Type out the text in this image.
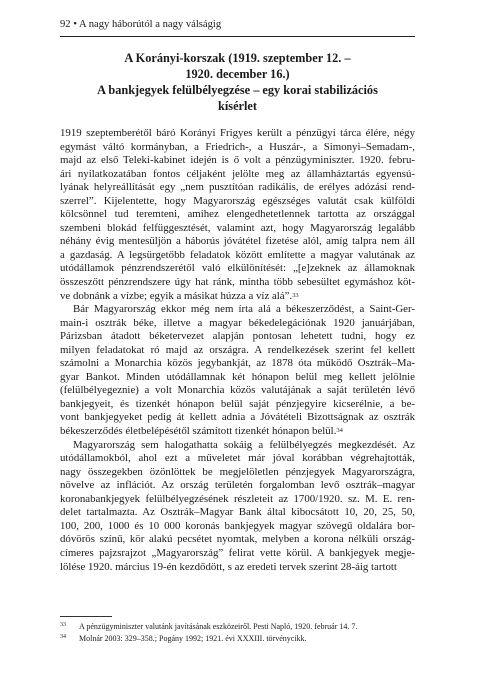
92 • A nagy háborútól a nagy válságig
A Korányi-korszak (1919. szeptember 12. –
1920. december 16.)
A bankjegyek felülbélyegzése – egy korai stabilizációs
kísérlet
1919 szeptemberétől báró Korányi Frigyes került a pénzügyi tárca élére, négy
egymást váltó kormányban, a Friedrich-, a Huszár-, a Simonyi–Semadam-,
majd az első Teleki-kabinet idején is ő volt a pénzügyminiszter. 1920. febru-
ári nyilatkozatában fontos céljaként jelölte meg az államháztartás egyensú-
lyának helyreállítását egy „nem pusztítóan radikális, de erélyes adózási rend-
szerrel”. Kijelentette, hogy Magyarország egészséges valutát csak külföldi
kölcsönnel tud teremteni, amihez elengedhetetlennek tartotta az országgal
szembeni blokád felfüggesztését, valamint azt, hogy Magyarország legalább
néhány évig mentesüljön a háborús jóvátétel fizetése alól, amíg talpra nem áll
a gazdaság. A legsürgetőbb feladatok között említette a magyar valutának az
utódállamok pénzrendszerétől való elkülönítését: „[e]zeknek az államoknak
összeszőtt pénzrendszere úgy hat ránk, mintha több sebesültet egymáshoz köt-
ve dobnánk a vízbe; egyik a másikat húzza a víz alá”.$^{33}$
Bár Magyarország ekkor még nem írta alá a békeszerződést, a Saint-Ger-
main-i osztrák béke, illetve a magyar békedelegációnak 1920 januárjában,
Párizsban átadott béketervezet alapján pontosan lehetett tudni, hogy ez
milyen feladatokat ró majd az országra. A rendelkezések szerint fel kellett
számolni a Monarchia közös jegybankját, az 1878 óta működő Osztrák–Ma-
gyar Bankot. Minden utódállamnak két hónapon belül meg kellett jelölnie
(felülbélyegeznie) a volt Monarchia közös valutájának a saját területén lévő
bankjegyeit, és tizenkét hónapon belül saját pénzjegyire kicserélnie, a be-
vont bankjegyeket pedig át kellett adnia a Jóvátételi Bizottságnak az osztrák
békeszerződés életbelépésétől számított tizenkét hónapon belül.$^{34}$
Magyarország sem halogathatta sokáig a felülbélyegzés megkezdését. Az
utódállamokból, ahol ezt a műveletet már jóval korábban végrehajtották,
nagy összegekben özönlöttek be megjelöletlen pénzjegyek Magyarországra,
növelve az inflációt. Az ország területén forgalomban levő osztrák–magyar
koronabankjegyek felülbélyegzésének részleteit az 1700/1920. sz. M. E. ren-
delet tartalmazta. Az Osztrák–Magyar Bank által kibocsátott 10, 20, 25, 50,
100, 200, 1000 és 10 000 koronás bankjegyek magyar szövegű oldalára bor-
dóvörös színű, kör alakú pecsétet nyomtak, melyben a korona nélküli ország-
címeres pajzsrajzot „Magyarország” felirat vette körül. A bankjegyek megje-
lölése 1920. március 19-én kezdődött, s az eredeti tervek szerint 28-áig tartott
33	A pénzügyminiszter valutánk javításának eszközeiről. Pesti Napló, 1920. február 14. 7.
34	Molnár 2003: 329–358.; Pogány 1992; 1921. évi XXXIII. törvénycikk.
